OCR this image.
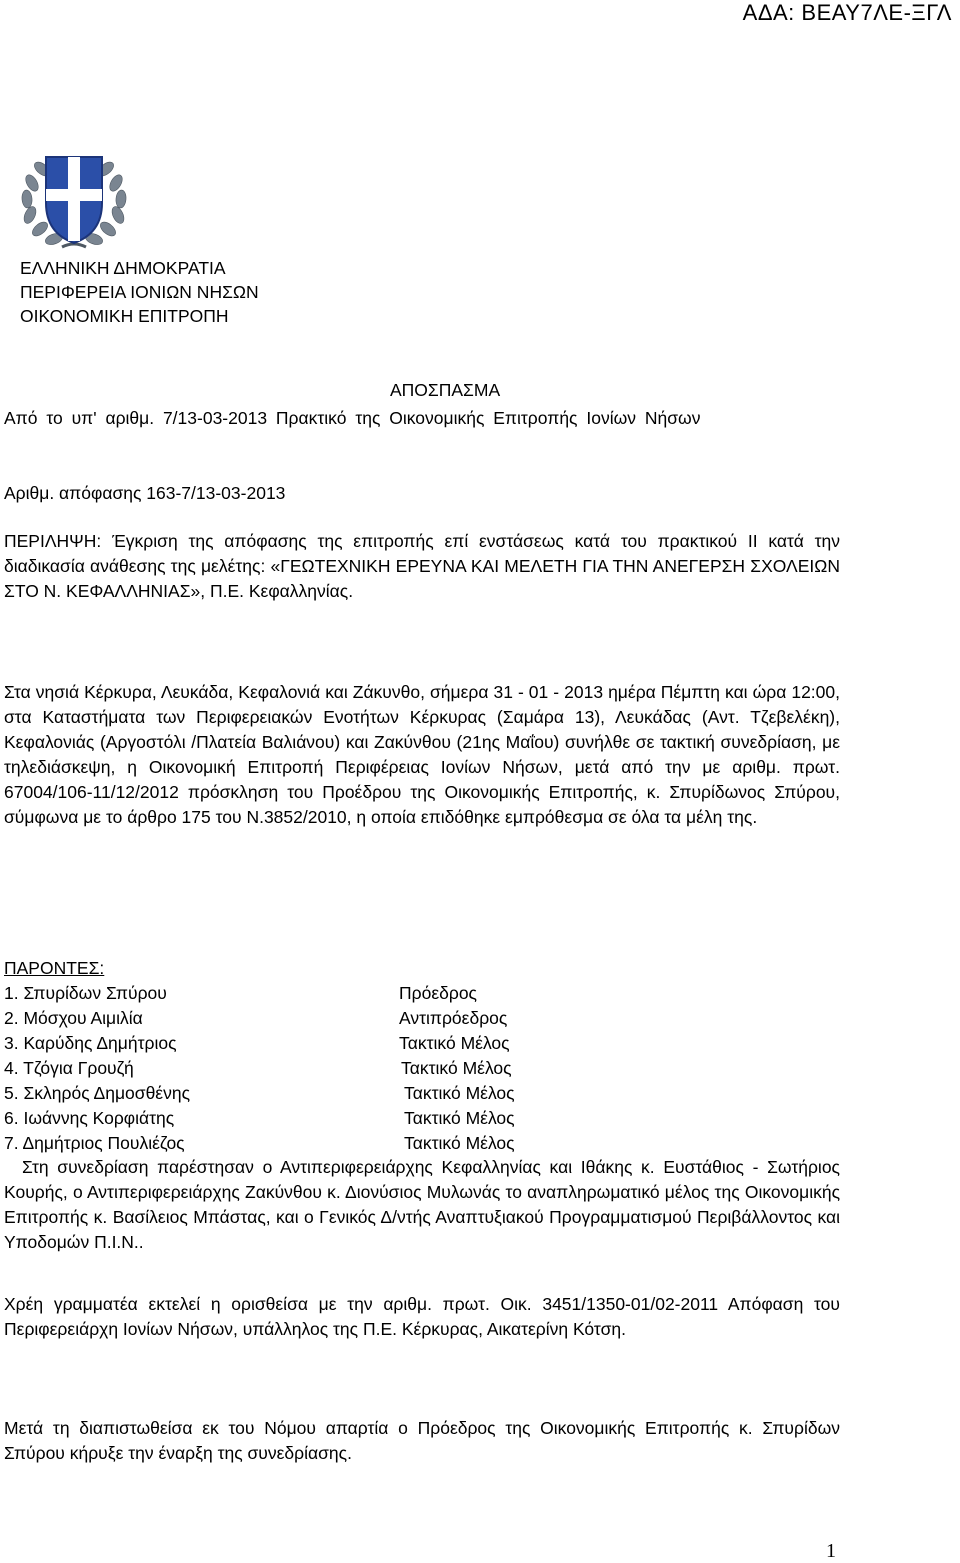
ΑΔΑ: ΒΕΑΥ7ΛΕ-ΞΓΛ
ΕΛΛΗΝΙΚΗ ΔΗΜΟΚΡΑΤΙΑ
ΠΕΡΙΦΕΡΕΙΑ ΙΟΝΙΩΝ ΝΗΣΩΝ
ΟΙΚΟΝΟΜΙΚΗ ΕΠΙΤΡΟΠΗ
ΑΠΟΣΠΑΣΜΑ

Από το υπ' αριθμ. 7/13-03-2013 Πρακτικό της Οικονομικής Επιτροπής Ιονίων Νήσων

Αριθμ. απόφασης 163-7/13-03-2013

ΠΕΡΙΛΗΨΗ: Έγκριση της απόφασης της επιτροπής επί ενστάσεως κατά του πρακτικού ΙΙ κατά την διαδικασία ανάθεσης της μελέτης: «ΓΕΩΤΕΧΝΙΚΗ ΕΡΕΥΝΑ ΚΑΙ ΜΕΛΕΤΗ ΓΙΑ ΤΗΝ ΑΝΕΓΕΡΣΗ ΣΧΟΛΕΙΩΝ ΣΤΟ Ν. ΚΕΦΑΛΛΗΝΙΑΣ», Π.Ε. Κεφαλληνίας.

Στα νησιά Κέρκυρα, Λευκάδα, Κεφαλονιά και Ζάκυνθο, σήμερα 31 - 01 - 2013 ημέρα Πέμπτη και ώρα 12:00, στα Καταστήματα των Περιφερειακών Ενοτήτων Κέρκυρας (Σαμάρα 13), Λευκάδας (Αντ. Τζεβελέκη), Κεφαλονιάς (Αργοστόλι /Πλατεία Βαλιάνου) και Ζακύνθου (21ης Μαΐου) συνήλθε σε τακτική συνεδρίαση, με τηλεδιάσκεψη, η Οικονομική Επιτροπή Περιφέρειας Ιονίων Νήσων, μετά από την με αριθμ. πρωτ. 67004/106-11/12/2012 πρόσκληση του Προέδρου της Οικονομικής Επιτροπής, κ. Σπυρίδωνος Σπύρου, σύμφωνα με το άρθρο 175 του Ν.3852/2010, η οποία επιδόθηκε εμπρόθεσμα σε όλα τα μέλη της.

ΠΑΡΟΝΤΕΣ:
1. Σπυρίδων Σπύρου	Πρόεδρος
2. Μόσχου Αιμιλία	Αντιπρόεδρος
3. Καρύδης Δημήτριος	Τακτικό Μέλος
4. Τζόγια Γρουζή	Τακτικό Μέλος
5. Σκληρός Δημοσθένης	Τακτικό Μέλος
6. Ιωάννης Κορφιάτης	Τακτικό Μέλος
7. Δημήτριος Πουλιέζος	Τακτικό Μέλος

Στη συνεδρίαση παρέστησαν ο Αντιπεριφερειάρχης Κεφαλληνίας και Ιθάκης κ. Ευστάθιος - Σωτήριος Κουρής, ο Αντιπεριφερειάρχης Ζακύνθου κ. Διονύσιος Μυλωνάς το αναπληρωματικό μέλος της Οικονομικής Επιτροπής κ. Βασίλειος Μπάστας, και ο Γενικός Δ/ντής Αναπτυξιακού Προγραμματισμού Περιβάλλοντος και Υποδομών Π.Ι.Ν..

Χρέη γραμματέα εκτελεί η ορισθείσα με την αριθμ. πρωτ. Οικ. 3451/1350-01/02-2011 Απόφαση του Περιφερειάρχη Ιονίων Νήσων, υπάλληλος της Π.Ε. Κέρκυρας, Αικατερίνη Κότση.

Μετά τη διαπιστωθείσα εκ του Νόμου απαρτία ο Πρόεδρος της Οικονομικής Επιτροπής κ. Σπυρίδων Σπύρου κήρυξε την έναρξη της συνεδρίασης.

1
